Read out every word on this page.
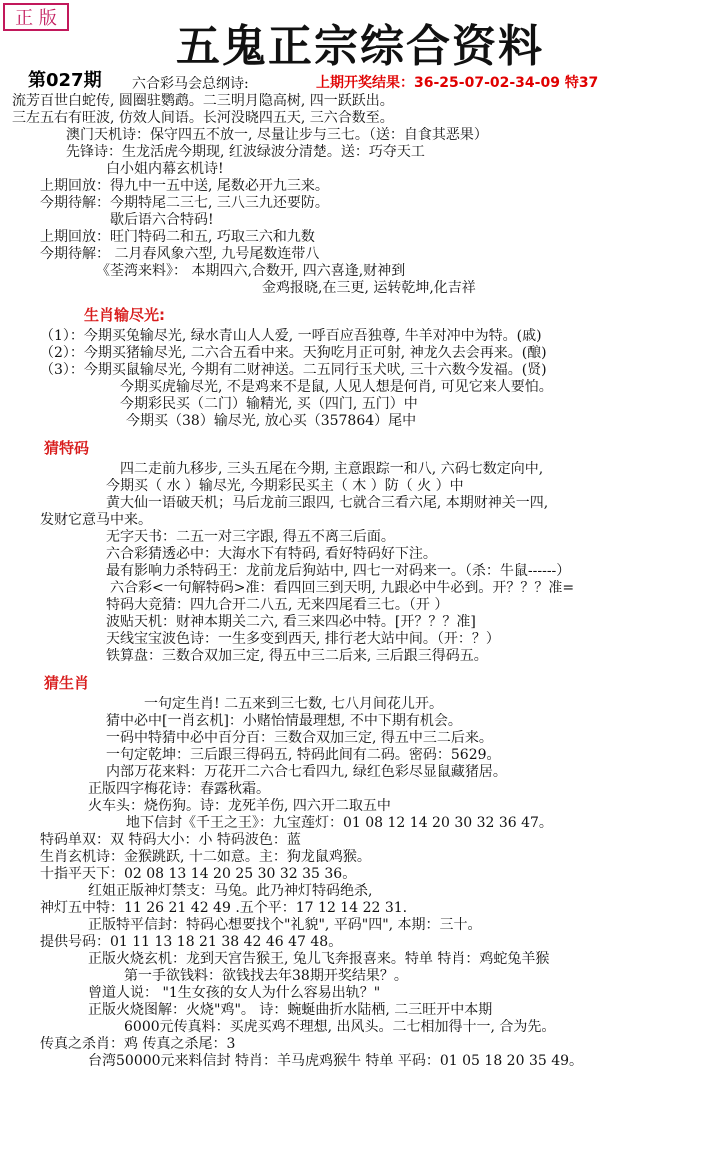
正 版
五鬼正宗综合资料
第027期	上期开奖结果：36-25-07-02-34-09 特37
六合彩马会总纲诗:
流芳百世白蛇传, 圆圈驻鹦鹉。二三明月隐高树, 四一跃跃出。
三左五右有旺波, 仿效人间语。长河没晓四五天, 三六合数至。
澳门天机诗：保守四五不放一, 尽量让步与三七。（送：自食其恶果）
先锋诗：生龙活虎今期现, 红波绿波分清楚。送：巧夺天工
白小姐内幕玄机诗!
上期回放：得九中一五中送, 尾数必开九三来。
今期待解：今期特尾二三七, 三八三九还要防。
歇后语六合特码!
上期回放：旺门特码二和五, 巧取三六和九数
今期待解： 二月春风象六型, 九号尾数连带八
《荃湾来料》： 本期四六,合数开, 四六喜逢,财神到
金鸡报晓,在三更, 运转乾坤,化吉祥
生肖输尽光:
（1）：今期买兔输尽光, 绿水青山人人爱, 一呼百应吾独尊, 牛羊对冲中为特。(戚)
（2）：今期买猪输尽光, 二六合五看中来。天狗吃月正可射, 神龙久去会再来。(酿)
（3）：今期买鼠输尽光, 今期有二财神送。二五同行玉犬吠, 三十六数今发福。(贤)
今期买虎输尽光, 不是鸡来不是鼠, 人见人想是何肖, 可见它来人要怕。
今期彩民买（二门）输精光, 买（四门, 五门）中
今期买（38）输尽光, 放心买（357864）尾中
猜特码
四二走前九移步, 三头五尾在今期, 主意跟踪一和八, 六码七数定向中,
今期买（ 水 ）输尽光, 今期彩民买主（ 木 ）防（ 火 ）中
黄大仙一语破天机；马后龙前三跟四, 七就合三看六尾, 本期财神关一四,
发财它意马中来。
无字天书：二五一对三字跟, 得五不离三后面。
六合彩猜透必中：大海水下有特码, 看好特码好下注。
最有影响力杀特码王：龙前龙后狗站中, 四七一对码来一。（杀：牛鼠------）
六合彩<一句解特码>准：看四回三到天明, 九跟必中牛必到。开？？？准=
特码大竞猜：四九合开二八五, 无来四尾看三七。（开 ）
波贴天机：财神本期关二六, 看三来四必中特。[开？？？准]
天线宝宝波色诗：一生多变到西天, 排行老大站中间。（开：？）
铁算盘：三数合双加三定, 得五中三二后来, 三后跟三得码五。
猜生肖
一句定生肖! 二五来到三七数, 七八月间花儿开。
猜中必中[一肖玄机]：小赌怡情最理想, 不中下期有机会。
一码中特猜中必中百分百：三数合双加三定, 得五中三二后来。
一句定乾坤：三后跟三得码五, 特码此间有二码。密码：5629。
内部万花来料：万花开二六合七看四九, 绿红色彩尽显鼠藏猪居。
正版四字梅花诗：春露秋霜。
火车头：烧伤狗。诗：龙死羊伤, 四六开二取五中
地下信封《千王之王》：九宝莲灯：01 08 12 14 20 30 32 36 47。
特码单双：双 特码大小：小 特码波色：蓝
生肖玄机诗：金猴跳跃, 十二如意。主：狗龙鼠鸡猴。
十指平天下：02 08 13 14 20 25 30 32 35 36。
红姐正版神灯禁支：马兔。此乃神灯特码绝杀,
神灯五中特：11 26 21 42 49 .五个平：17 12 14 22 31.
正版特平信封：特码心想要找个"礼貌", 平码"四", 本期：三十。
提供号码：01 11 13 18 21 38 42 46 47 48。
正版火烧玄机：龙到天宫告猴王, 兔儿飞奔报喜来。特单 特肖：鸡蛇兔羊猴
第一手欲钱料：欲钱找去年38期开奖结果？。
曾道人说： "1生女孩的女人为什么容易出轨？"
正版火烧图解：火烧"鸡"。 诗：蜿蜒曲折水陆栖, 二三旺开中本期
6000元传真料：买虎买鸡不理想, 出风头。二七相加得十一, 合为先。
传真之杀肖：鸡 传真之杀尾：3
台湾50000元来料信封 特肖：羊马虎鸡猴牛 特单 平码：01 05 18 20 35 49。
